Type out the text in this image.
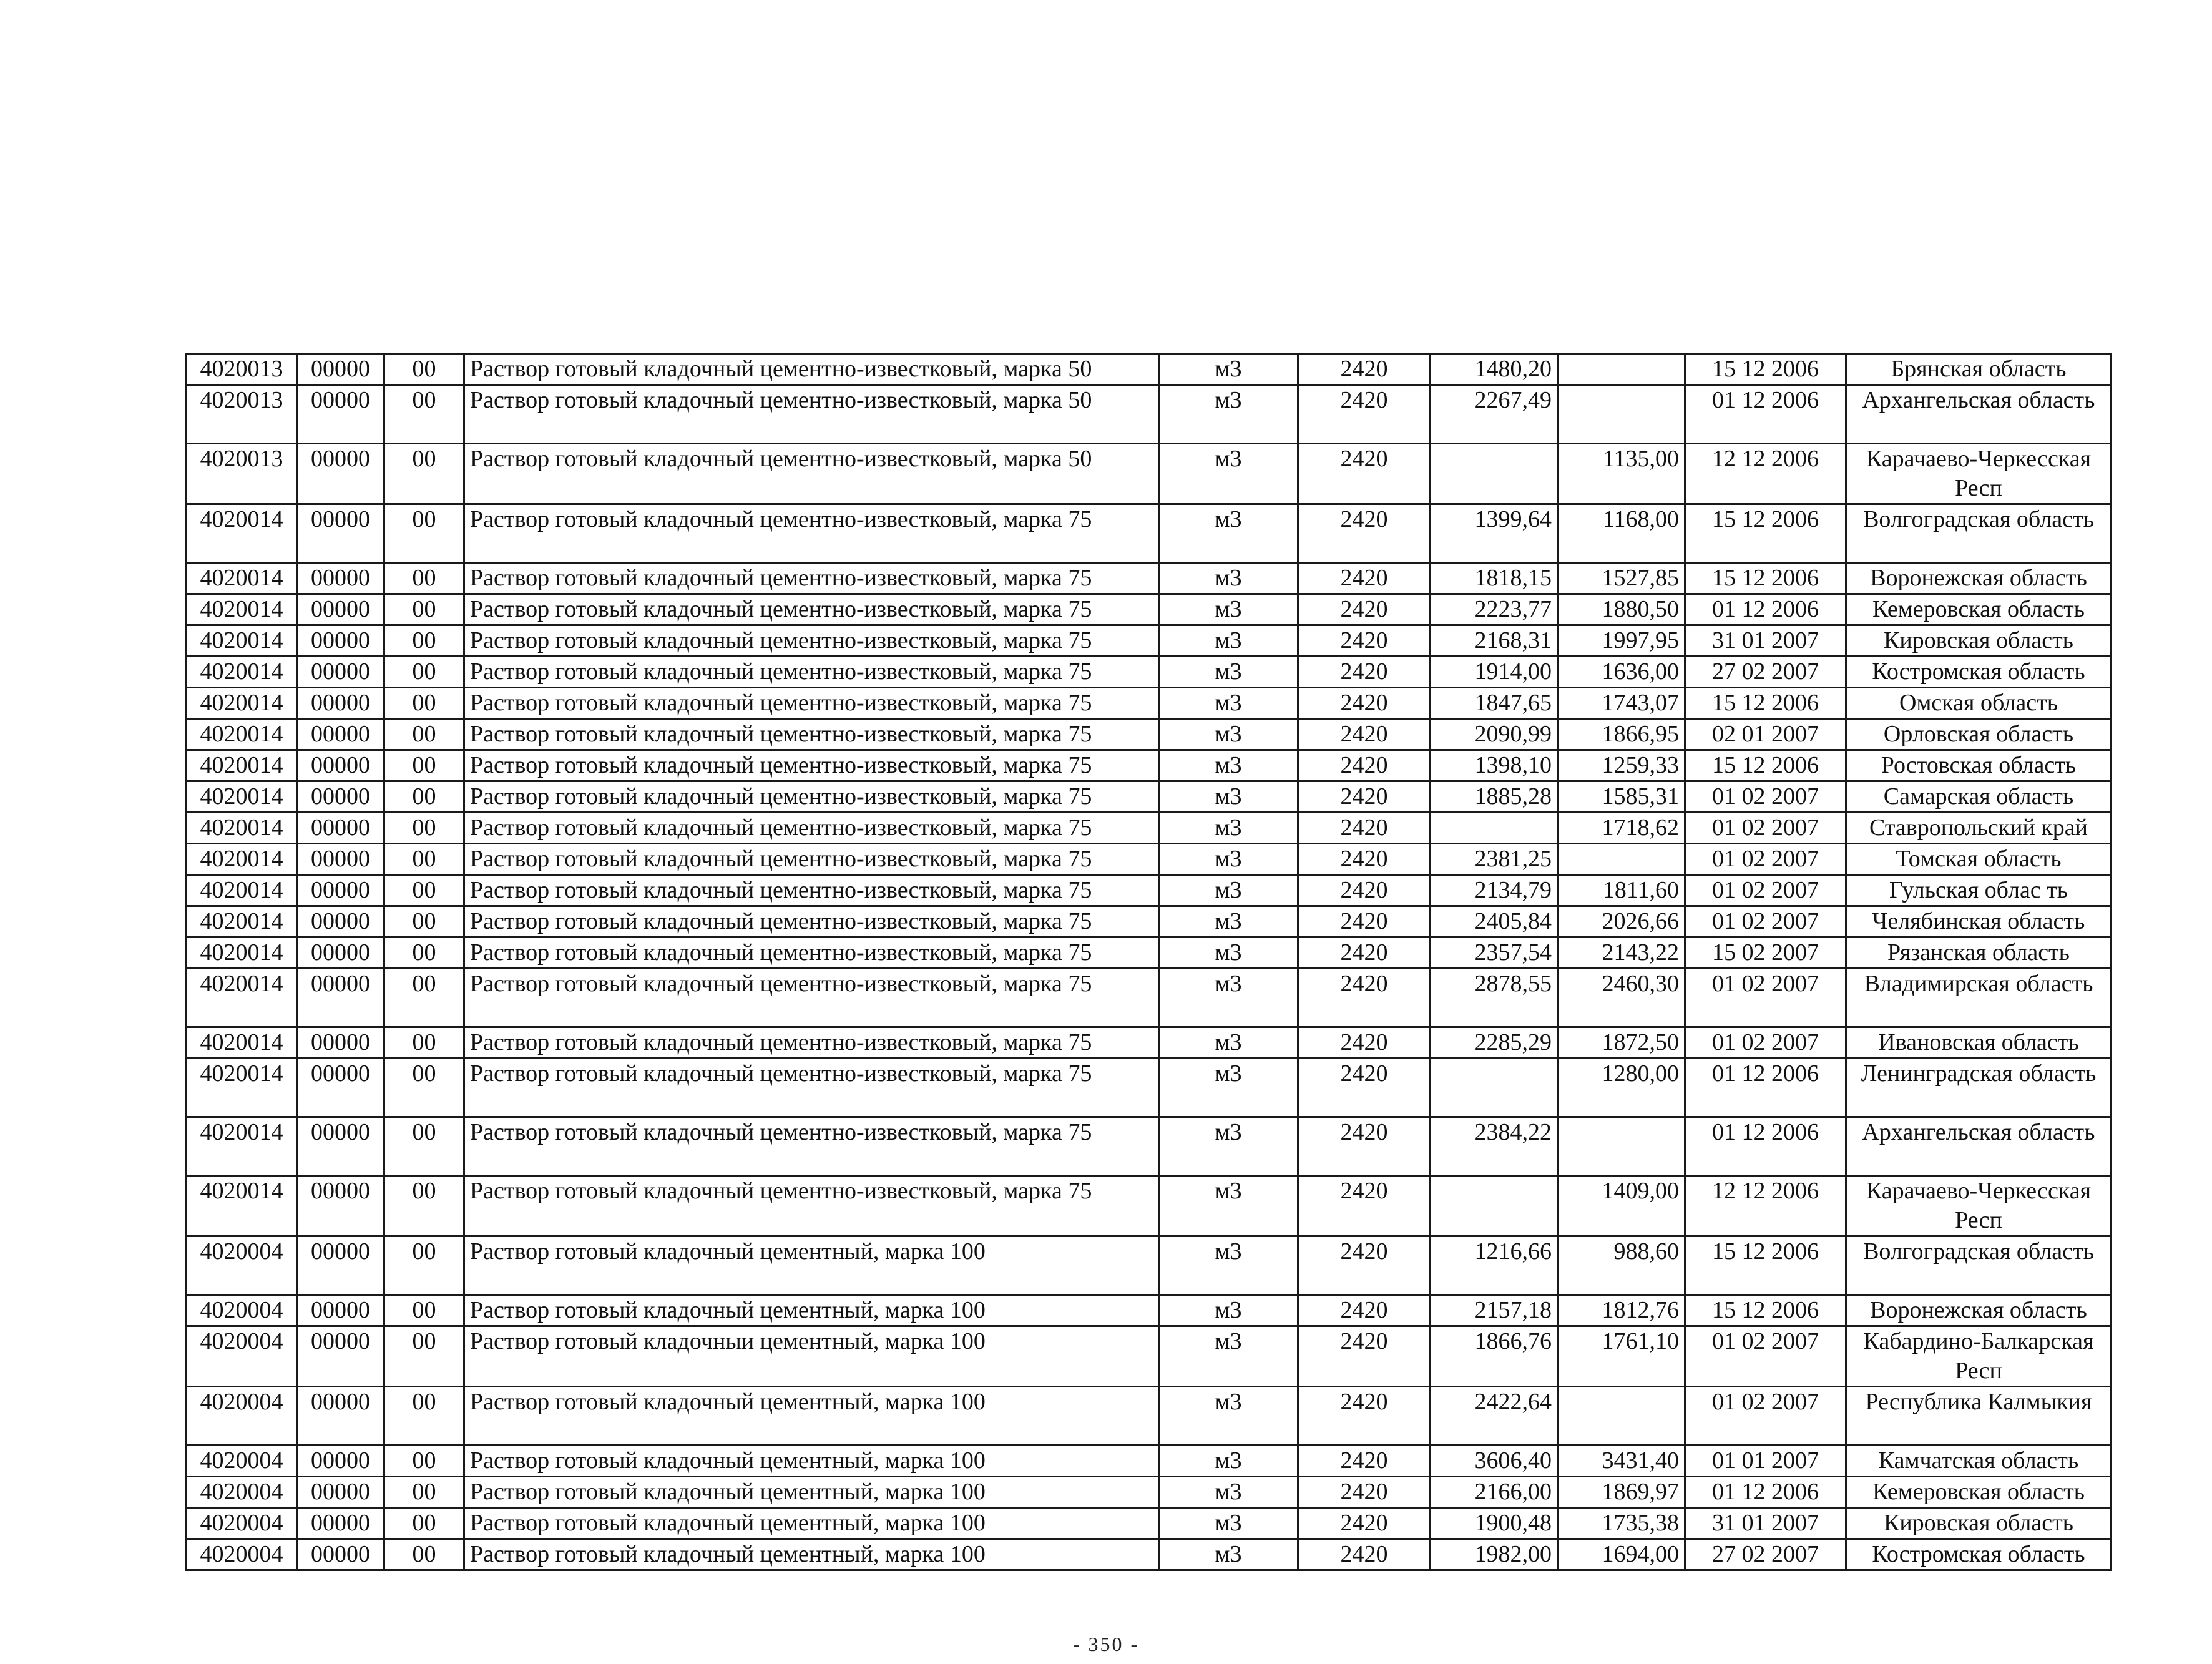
4020013	00000	00	Раствор готовый кладочный цементно-известковый, марка 50	м3	2420	1480,20		15 12 2006	Брянская область
4020013	00000	00	Раствор готовый кладочный цементно-известковый, марка 50	м3	2420	2267,49		01 12 2006	Архангельская область
4020013	00000	00	Раствор готовый кладочный цементно-известковый, марка 50	м3	2420		1135,00	12 12 2006	Карачаево-Черкесская Респ
4020014	00000	00	Раствор готовый кладочный цементно-известковый, марка 75	м3	2420	1399,64	1168,00	15 12 2006	Волгоградская область
4020014	00000	00	Раствор готовый кладочный цементно-известковый, марка 75	м3	2420	1818,15	1527,85	15 12 2006	Воронежская область
4020014	00000	00	Раствор готовый кладочный цементно-известковый, марка 75	м3	2420	2223,77	1880,50	01 12 2006	Кемеровская область
4020014	00000	00	Раствор готовый кладочный цементно-известковый, марка 75	м3	2420	2168,31	1997,95	31 01 2007	Кировская область
4020014	00000	00	Раствор готовый кладочный цементно-известковый, марка 75	м3	2420	1914,00	1636,00	27 02 2007	Костромская область
4020014	00000	00	Раствор готовый кладочный цементно-известковый, марка 75	м3	2420	1847,65	1743,07	15 12 2006	Омская область
4020014	00000	00	Раствор готовый кладочный цементно-известковый, марка 75	м3	2420	2090,99	1866,95	02 01 2007	Орловская область
4020014	00000	00	Раствор готовый кладочный цементно-известковый, марка 75	м3	2420	1398,10	1259,33	15 12 2006	Ростовская область
4020014	00000	00	Раствор готовый кладочный цементно-известковый, марка 75	м3	2420	1885,28	1585,31	01 02 2007	Самарская область
4020014	00000	00	Раствор готовый кладочный цементно-известковый, марка 75	м3	2420		1718,62	01 02 2007	Ставропольский край
4020014	00000	00	Раствор готовый кладочный цементно-известковый, марка 75	м3	2420	2381,25		01 02 2007	Томская область
4020014	00000	00	Раствор готовый кладочный цементно-известковый, марка 75	м3	2420	2134,79	1811,60	01 02 2007	Гульская облас ть
4020014	00000	00	Раствор готовый кладочный цементно-известковый, марка 75	м3	2420	2405,84	2026,66	01 02 2007	Челябинская область
4020014	00000	00	Раствор готовый кладочный цементно-известковый, марка 75	м3	2420	2357,54	2143,22	15 02 2007	Рязанская область
4020014	00000	00	Раствор готовый кладочный цементно-известковый, марка 75	м3	2420	2878,55	2460,30	01 02 2007	Владимирская область
4020014	00000	00	Раствор готовый кладочный цементно-известковый, марка 75	м3	2420	2285,29	1872,50	01 02 2007	Ивановская область
4020014	00000	00	Раствор готовый кладочный цементно-известковый, марка 75	м3	2420		1280,00	01 12 2006	Ленинградская область
4020014	00000	00	Раствор готовый кладочный цементно-известковый, марка 75	м3	2420	2384,22		01 12 2006	Архангельская область
4020014	00000	00	Раствор готовый кладочный цементно-известковый, марка 75	м3	2420		1409,00	12 12 2006	Карачаево-Черкесская Респ
4020004	00000	00	Раствор готовый кладочный цементный, марка 100	м3	2420	1216,66	988,60	15 12 2006	Волгоградская область
4020004	00000	00	Раствор готовый кладочный цементный, марка 100	м3	2420	2157,18	1812,76	15 12 2006	Воронежская область
4020004	00000	00	Раствор готовый кладочныи цементный, марка 100	м3	2420	1866,76	1761,10	01 02 2007	Кабардино-Балкарская Респ
4020004	00000	00	Раствор готовый кладочный цементный, марка 100	м3	2420	2422,64		01 02 2007	Республика Калмыкия
4020004	00000	00	Раствор готовый кладочный цементный, марка 100	м3	2420	3606,40	3431,40	01 01 2007	Камчатская область
4020004	00000	00	Раствор готовый кладочный цементный, марка 100	м3	2420	2166,00	1869,97	01 12 2006	Кемеровская область
4020004	00000	00	Раствор готовый кладочный цементный, марка 100	м3	2420	1900,48	1735,38	31 01 2007	Кировская область
4020004	00000	00	Раствор готовый кладочный цементный, марка 100	м3	2420	1982,00	1694,00	27 02 2007	Костромская область
- 350 -
